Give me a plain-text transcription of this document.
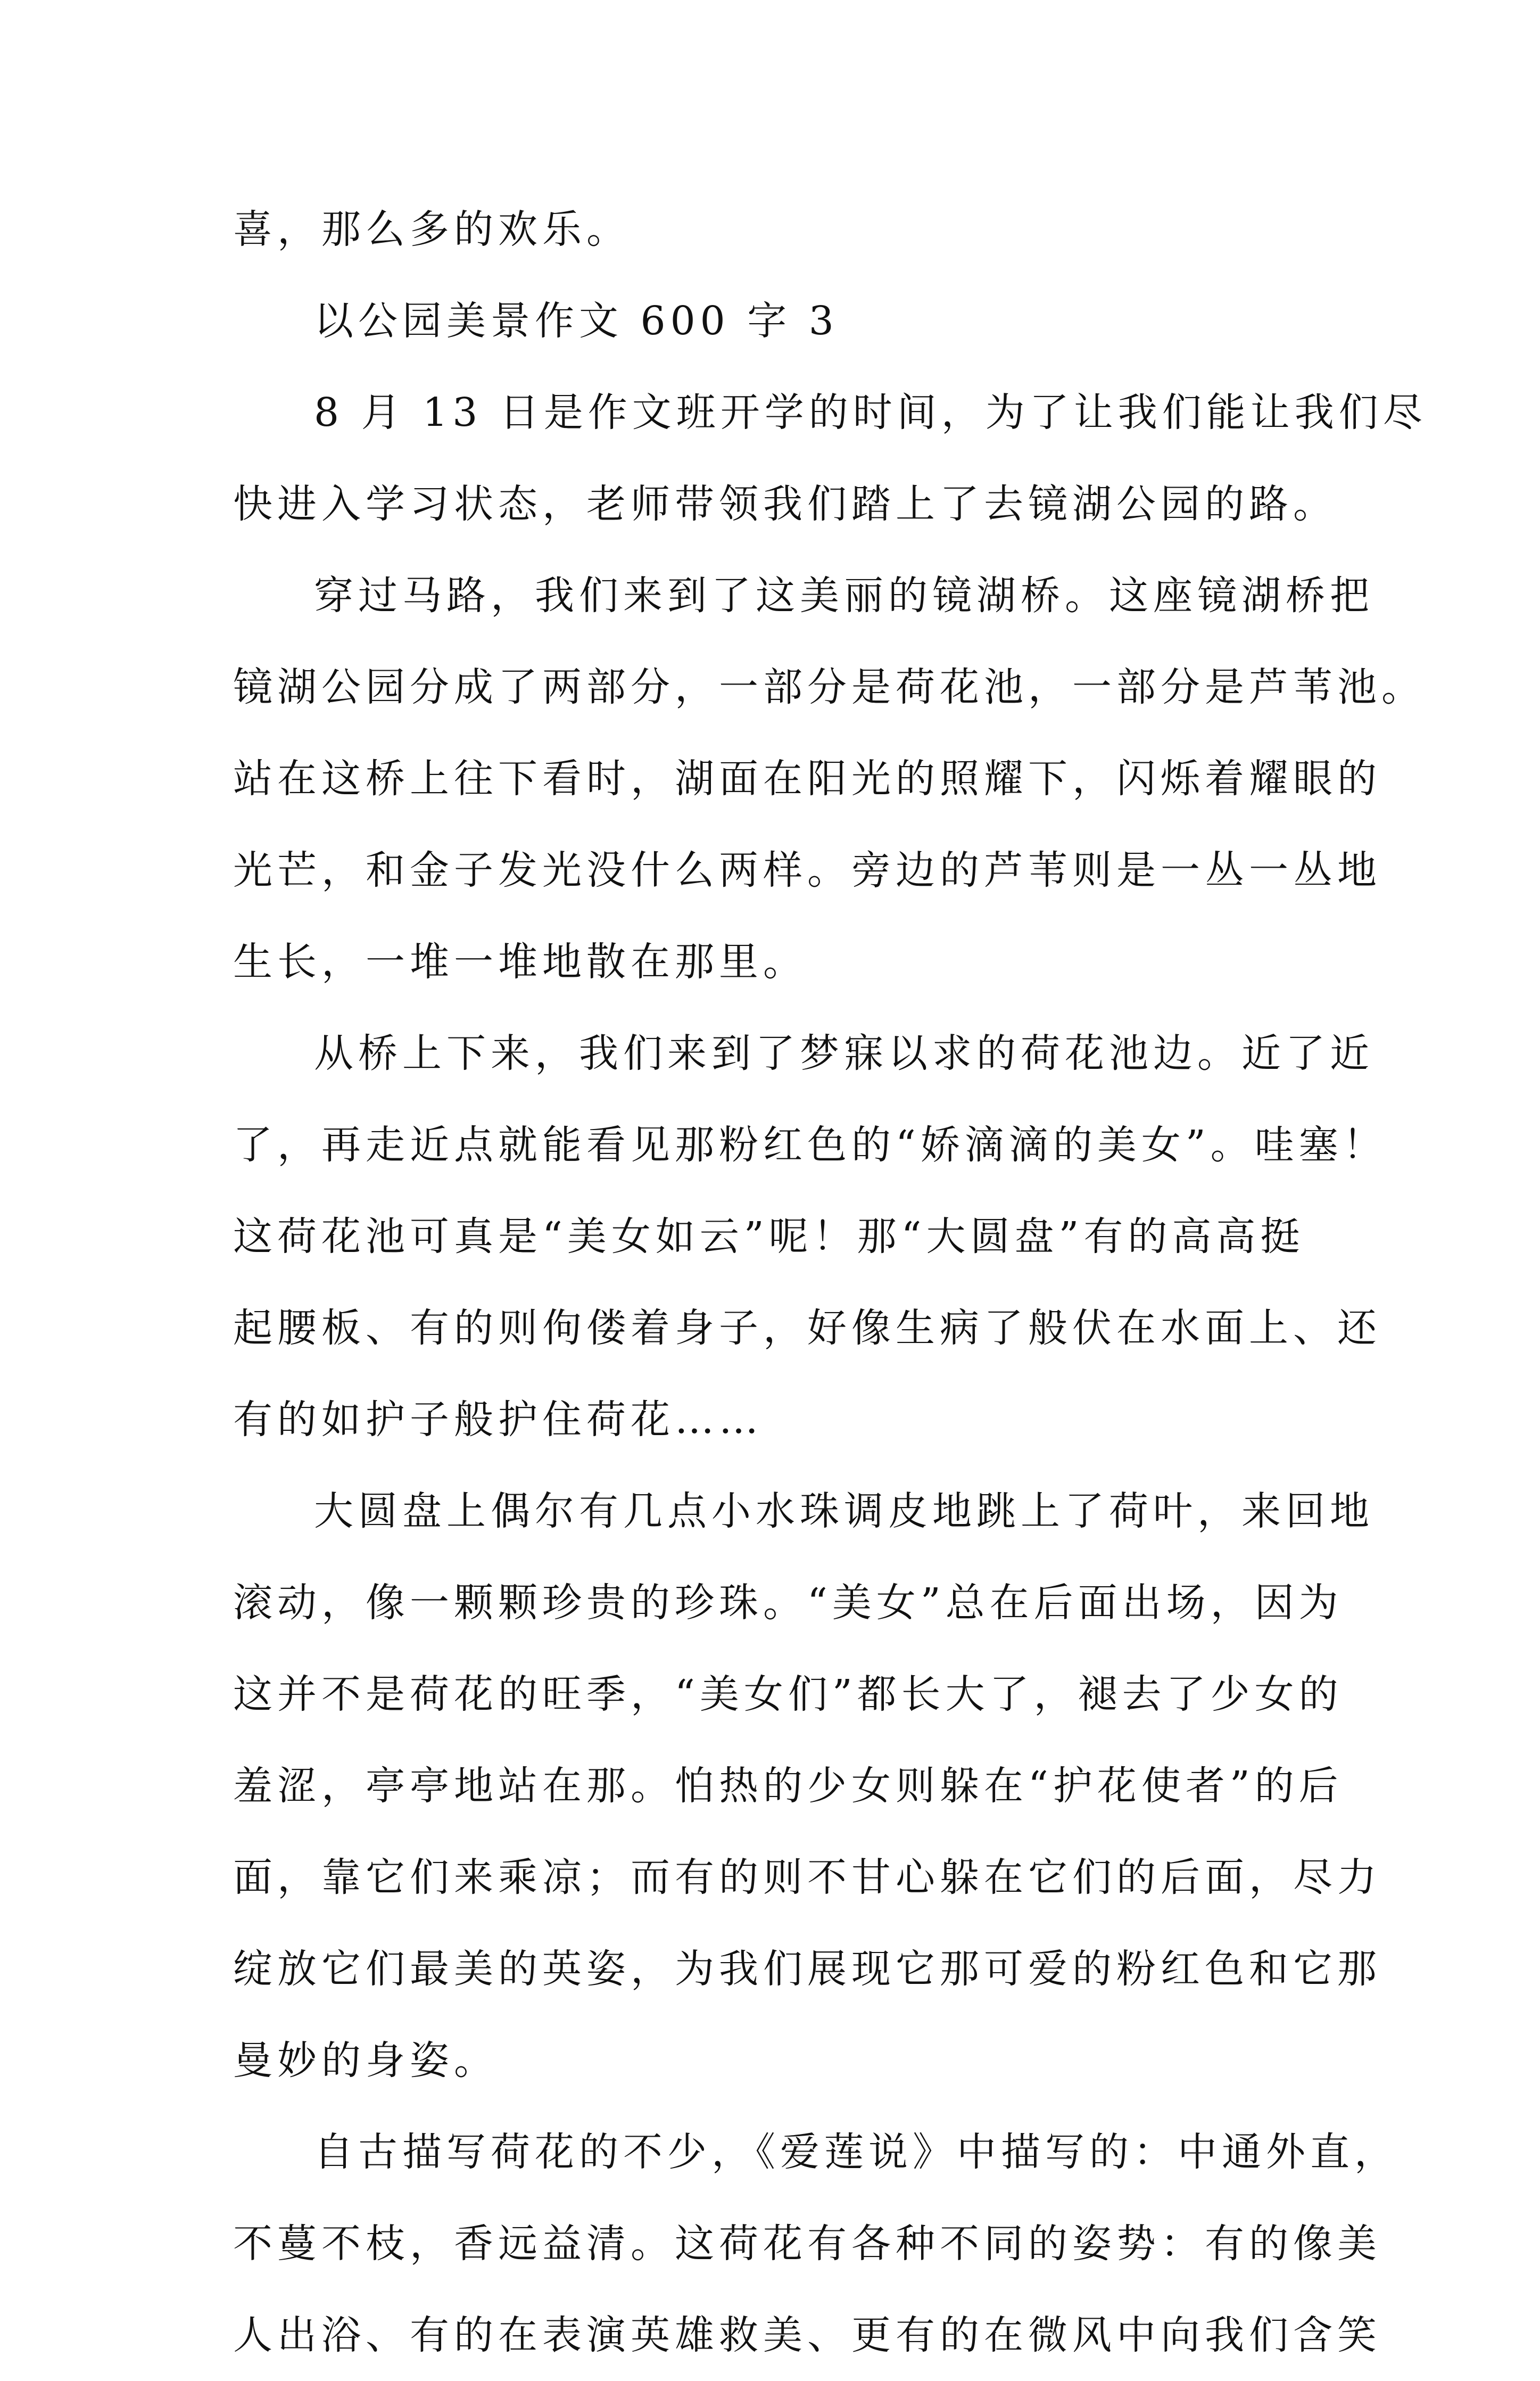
喜，那么多的欢乐。
以公园美景作文 600 字 3
8 月 13 日是作文班开学的时间，为了让我们能让我们尽
快进入学习状态，老师带领我们踏上了去镜湖公园的路。
穿过马路，我们来到了这美丽的镜湖桥。这座镜湖桥把
镜湖公园分成了两部分，一部分是荷花池，一部分是芦苇池。
站在这桥上往下看时，湖面在阳光的照耀下，闪烁着耀眼的
光芒，和金子发光没什么两样。旁边的芦苇则是一丛一丛地
生长，一堆一堆地散在那里。
从桥上下来，我们来到了梦寐以求的荷花池边。近了近
了，再走近点就能看见那粉红色的“娇滴滴的美女”。哇塞！
这荷花池可真是“美女如云”呢！那“大圆盘”有的高高挺
起腰板、有的则佝偻着身子，好像生病了般伏在水面上、还
有的如护子般护住荷花……
大圆盘上偶尔有几点小水珠调皮地跳上了荷叶，来回地
滚动，像一颗颗珍贵的珍珠。“美女”总在后面出场，因为
这并不是荷花的旺季，“美女们”都长大了，褪去了少女的
羞涩，亭亭地站在那。怕热的少女则躲在“护花使者”的后
面，靠它们来乘凉；而有的则不甘心躲在它们的后面，尽力
绽放它们最美的英姿，为我们展现它那可爱的粉红色和它那
曼妙的身姿。
自古描写荷花的不少，《爱莲说》中描写的：中通外直，
不蔓不枝，香远益清。这荷花有各种不同的姿势：有的像美
人出浴、有的在表演英雄救美、更有的在微风中向我们含笑
